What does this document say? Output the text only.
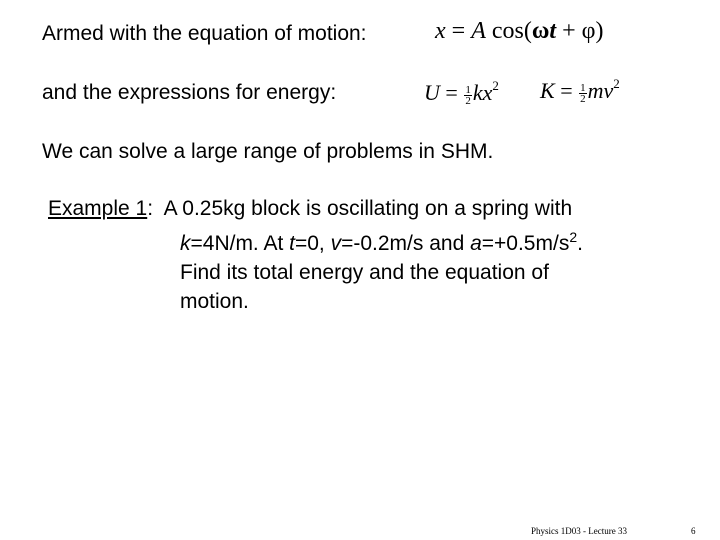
Armed with the equation of motion:	x = A cos(ωt + φ)
and the expressions for energy:	$U = \frac{1}{2} kx^2$ $K = \frac{1}{2} mv^2$
We can solve a large range of problems in SHM.
Example 1: A 0.25kg block is oscillating on a spring with
k=4N/m. At t=0, v=-0.2m/s and $a=+0.5m/s^2$.
Find its total energy and the equation of
motion.
Physics 1D03 - Lecture 33	6
